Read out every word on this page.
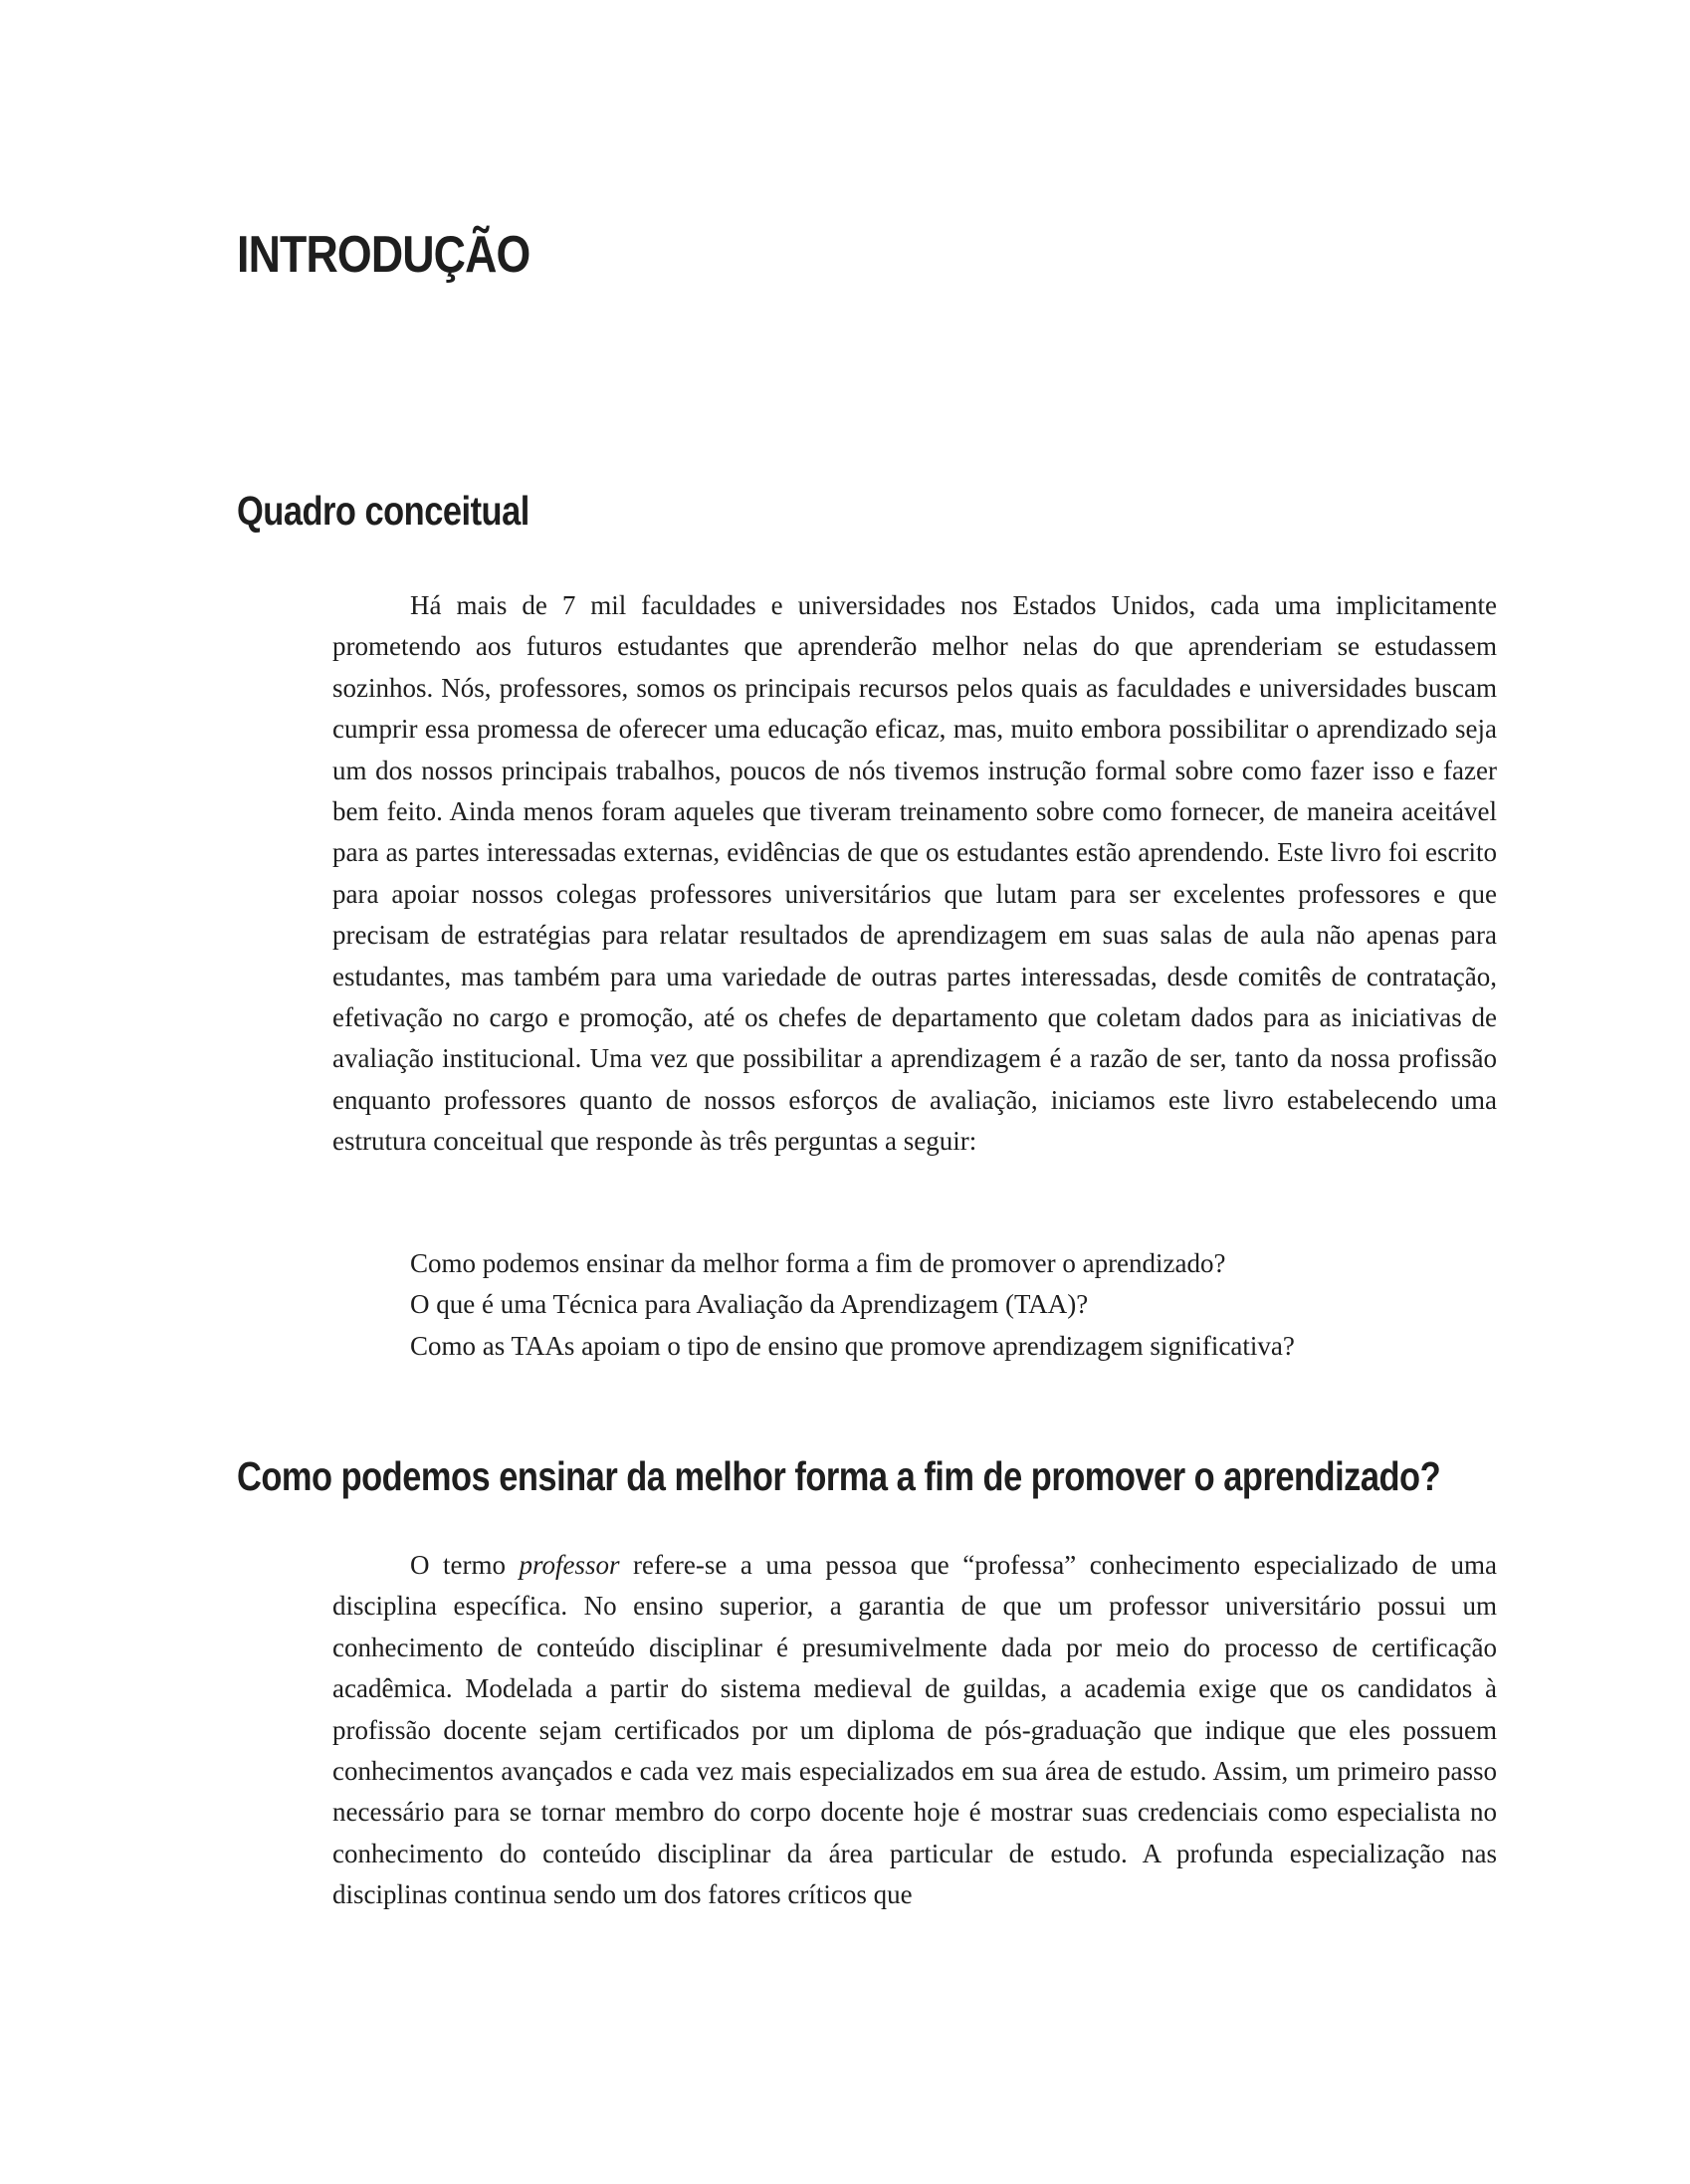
INTRODUÇÃO
Quadro conceitual

Há mais de 7 mil faculdades e universidades nos Estados Unidos, cada uma implicitamente prometendo aos futuros estudantes que aprenderão melhor nelas do que aprenderiam se estudassem sozinhos. Nós, professores, somos os principais recursos pelos quais as faculdades e universidades buscam cumprir essa promessa de oferecer uma educação eficaz, mas, muito embora possibilitar o aprendizado seja um dos nossos principais trabalhos, poucos de nós tivemos instrução formal sobre como fazer isso e fazer bem feito. Ainda menos foram aqueles que tiveram treinamento sobre como fornecer, de maneira aceitável para as partes interessadas externas, evidências de que os estudantes estão aprendendo. Este livro foi escrito para apoiar nossos colegas professores universitários que lutam para ser excelentes professores e que precisam de estratégias para relatar resultados de aprendizagem em suas salas de aula não apenas para estudantes, mas também para uma variedade de outras partes interessadas, desde comitês de contratação, efetivação no cargo e promoção, até os chefes de departamento que coletam dados para as iniciativas de avaliação institucional. Uma vez que possibilitar a aprendizagem é a razão de ser, tanto da nossa profissão enquanto professores quanto de nossos esforços de avaliação, iniciamos este livro estabelecendo uma estrutura conceitual que responde às três perguntas a seguir:

Como podemos ensinar da melhor forma a fim de promover o aprendizado?
O que é uma Técnica para Avaliação da Aprendizagem (TAA)?
Como as TAAs apoiam o tipo de ensino que promove aprendizagem significativa?
Como podemos ensinar da melhor forma a fim de promover o aprendizado?

O termo professor refere-se a uma pessoa que “professa” conhecimento especializado de uma disciplina específica. No ensino superior, a garantia de que um professor universitário possui um conhecimento de conteúdo disciplinar é presumivelmente dada por meio do processo de certificação acadêmica. Modelada a partir do sistema medieval de guildas, a academia exige que os candidatos à profissão docente sejam certificados por um diploma de pós-graduação que indique que eles possuem conhecimentos avançados e cada vez mais especializados em sua área de estudo. Assim, um primeiro passo necessário para se tornar membro do corpo docente hoje é mostrar suas credenciais como especialista no conhecimento do conteúdo disciplinar da área particular de estudo. A profunda especialização nas disciplinas continua sendo um dos fatores críticos que
